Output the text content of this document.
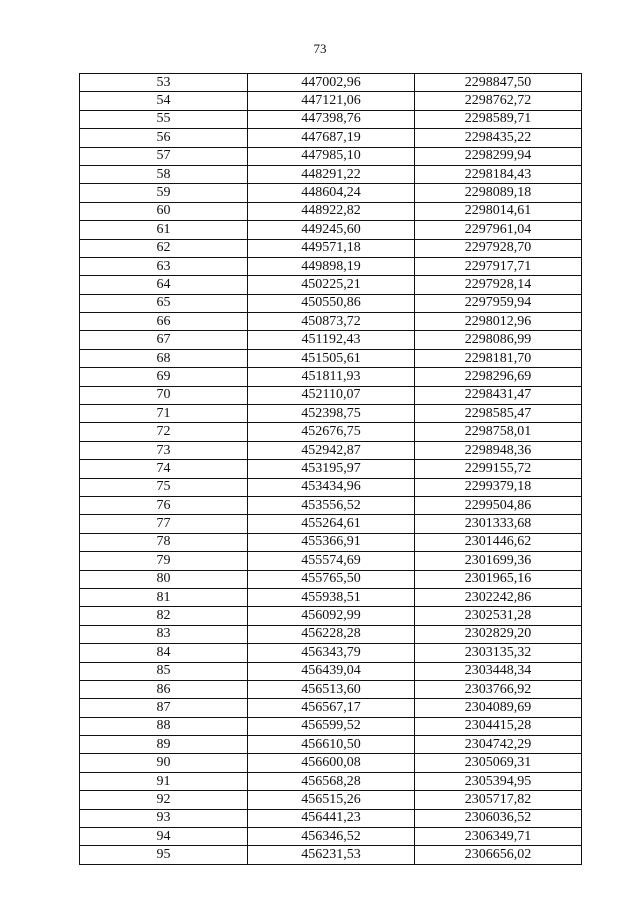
73
53	447002,96	2298847,50
54	447121,06	2298762,72
55	447398,76	2298589,71
56	447687,19	2298435,22
57	447985,10	2298299,94
58	448291,22	2298184,43
59	448604,24	2298089,18
60	448922,82	2298014,61
61	449245,60	2297961,04
62	449571,18	2297928,70
63	449898,19	2297917,71
64	450225,21	2297928,14
65	450550,86	2297959,94
66	450873,72	2298012,96
67	451192,43	2298086,99
68	451505,61	2298181,70
69	451811,93	2298296,69
70	452110,07	2298431,47
71	452398,75	2298585,47
72	452676,75	2298758,01
73	452942,87	2298948,36
74	453195,97	2299155,72
75	453434,96	2299379,18
76	453556,52	2299504,86
77	455264,61	2301333,68
78	455366,91	2301446,62
79	455574,69	2301699,36
80	455765,50	2301965,16
81	455938,51	2302242,86
82	456092,99	2302531,28
83	456228,28	2302829,20
84	456343,79	2303135,32
85	456439,04	2303448,34
86	456513,60	2303766,92
87	456567,17	2304089,69
88	456599,52	2304415,28
89	456610,50	2304742,29
90	456600,08	2305069,31
91	456568,28	2305394,95
92	456515,26	2305717,82
93	456441,23	2306036,52
94	456346,52	2306349,71
95	456231,53	2306656,02
